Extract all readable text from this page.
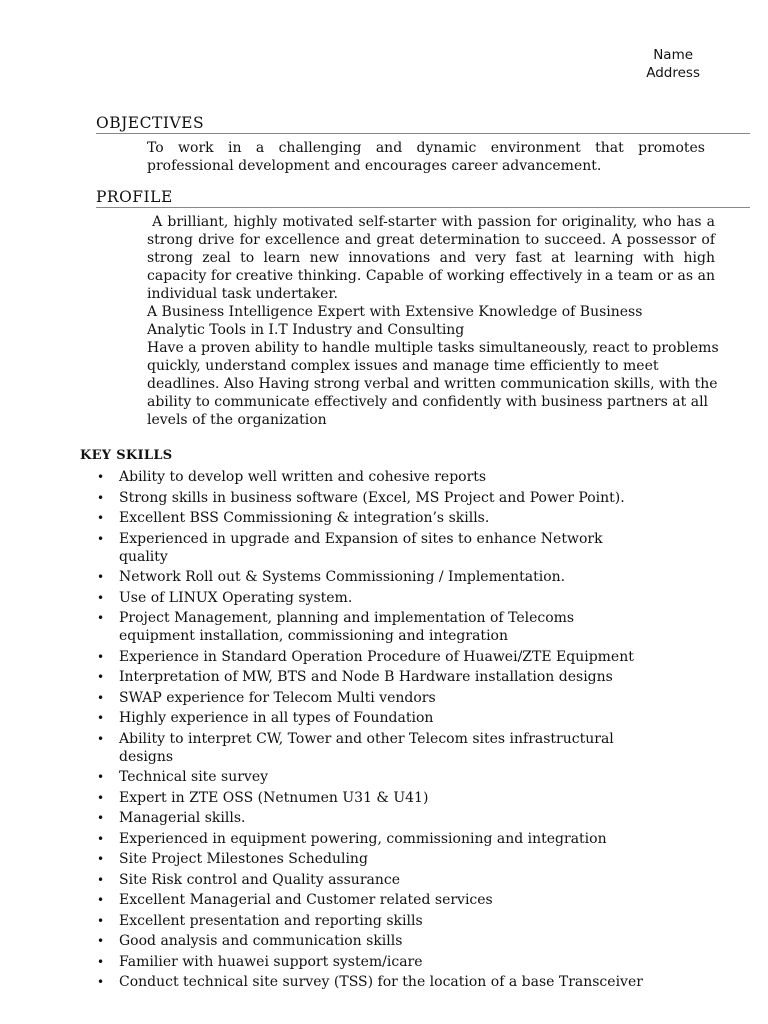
Name
Address
OBJECTIVES

To work in a challenging and dynamic environment that promotes professional development and encourages career advancement.

PROFILE

A brilliant, highly motivated self-starter with passion for originality, who has a strong drive for excellence and great determination to succeed. A possessor of strong zeal to learn new innovations and very fast at learning with high capacity for creative thinking. Capable of working effectively in a team or as an individual task undertaker.

A Business Intelligence Expert with Extensive Knowledge of Business Analytic Tools in I.T Industry and Consulting

Have a proven ability to handle multiple tasks simultaneously, react to problems quickly, understand complex issues and manage time efficiently to meet deadlines. Also Having strong verbal and written communication skills, with the ability to communicate effectively and confidently with business partners at all levels of the organization

KEY SKILLS
• Ability to develop well written and cohesive reports
• Strong skills in business software (Excel, MS Project and Power Point).
• Excellent BSS Commissioning & integration’s skills.
• Experienced in upgrade and Expansion of sites to enhance Network quality
• Network Roll out & Systems Commissioning / Implementation.
• Use of LINUX Operating system.
• Project Management, planning and implementation of Telecoms equipment installation, commissioning and integration
• Experience in Standard Operation Procedure of Huawei/ZTE Equipment
• Interpretation of MW, BTS and Node B Hardware installation designs
• SWAP experience for Telecom Multi vendors
• Highly experience in all types of Foundation
• Ability to interpret CW, Tower and other Telecom sites infrastructural designs
• Technical site survey
• Expert in ZTE OSS (Netnumen U31 & U41)
• Managerial skills.
• Experienced in equipment powering, commissioning and integration
• Site Project Milestones Scheduling
• Site Risk control and Quality assurance
• Excellent Managerial and Customer related services
• Excellent presentation and reporting skills
• Good analysis and communication skills
• Familier with huawei support system/icare
• Conduct technical site survey (TSS) for the location of a base Transceiver
